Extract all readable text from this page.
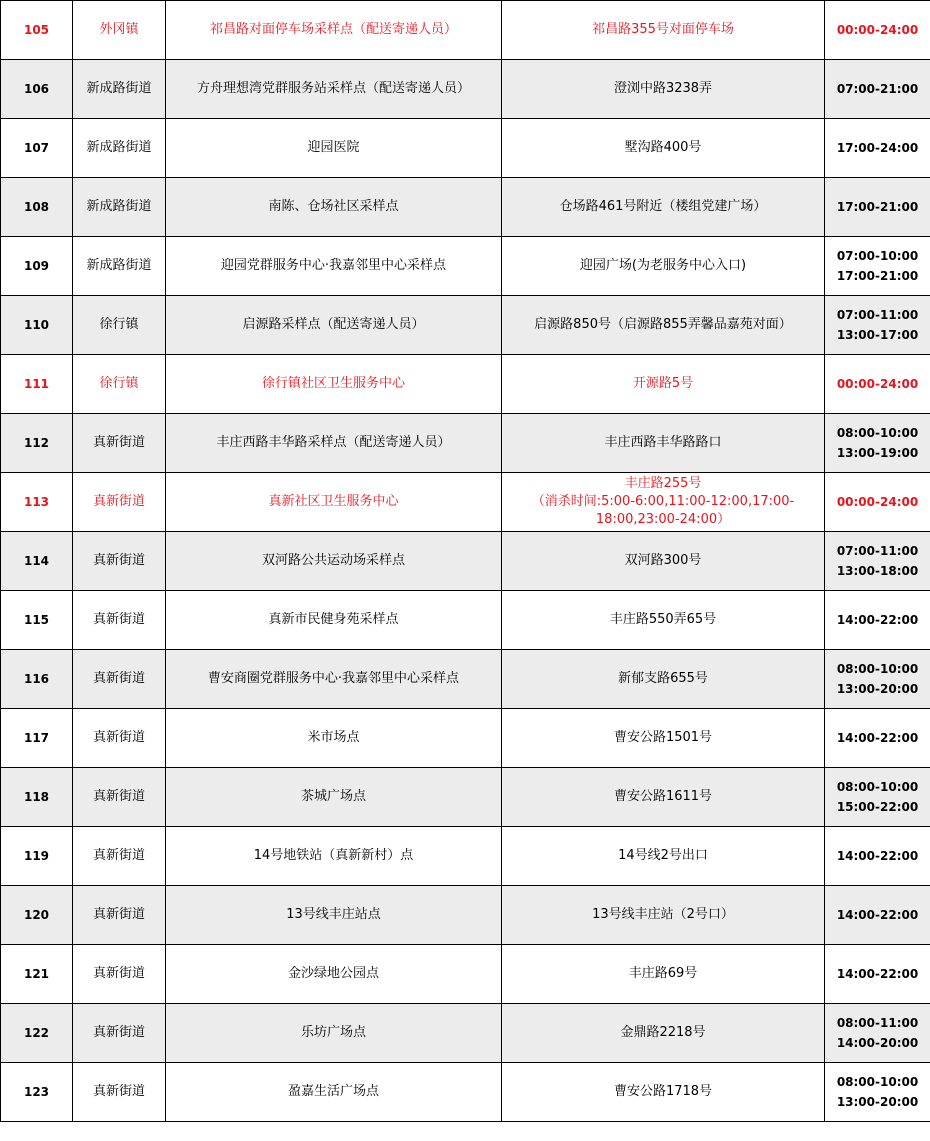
105	外冈镇	祁昌路对面停车场采样点（配送寄递人员）	祁昌路355号对面停车场	00:00-24:00

106	新成路街道	方舟理想湾党群服务站采样点（配送寄递人员）	澄浏中路3238弄	07:00-21:00

107	新成路街道	迎园医院	墅沟路400号	17:00-24:00

108	新成路街道	南陈、仓场社区采样点	仓场路461号附近（楼组党建广场）	17:00-21:00

109	新成路街道	迎园党群服务中心·我嘉邻里中心采样点	迎园广场(为老服务中心入口)	07:00-10:00
17:00-21:00

110	徐行镇	启源路采样点（配送寄递人员）	启源路850号（启源路855弄馨品嘉苑对面）	07:00-11:00
13:00-17:00

111	徐行镇	徐行镇社区卫生服务中心	开源路5号	00:00-24:00

112	真新街道	丰庄西路丰华路采样点（配送寄递人员）	丰庄西路丰华路路口	08:00-10:00
13:00-19:00

113	真新街道	真新社区卫生服务中心	丰庄路255号
（消杀时间:5:00-6:00,11:00-12:00,17:00-
18:00,23:00-24:00）	00:00-24:00

114	真新街道	双河路公共运动场采样点	双河路300号	07:00-11:00
13:00-18:00

115	真新街道	真新市民健身苑采样点	丰庄路550弄65号	14:00-22:00

116	真新街道	曹安商圈党群服务中心·我嘉邻里中心采样点	新郁支路655号	08:00-10:00
13:00-20:00

117	真新街道	米市场点	曹安公路1501号	14:00-22:00

118	真新街道	茶城广场点	曹安公路1611号	08:00-10:00
15:00-22:00

119	真新街道	14号地铁站（真新新村）点	14号线2号出口	14:00-22:00

120	真新街道	13号线丰庄站点	13号线丰庄站（2号口）	14:00-22:00

121	真新街道	金沙绿地公园点	丰庄路69号	14:00-22:00

122	真新街道	乐坊广场点	金鼎路2218号	08:00-11:00
14:00-20:00

123	真新街道	盈嘉生活广场点	曹安公路1718号	08:00-10:00
13:00-20:00
